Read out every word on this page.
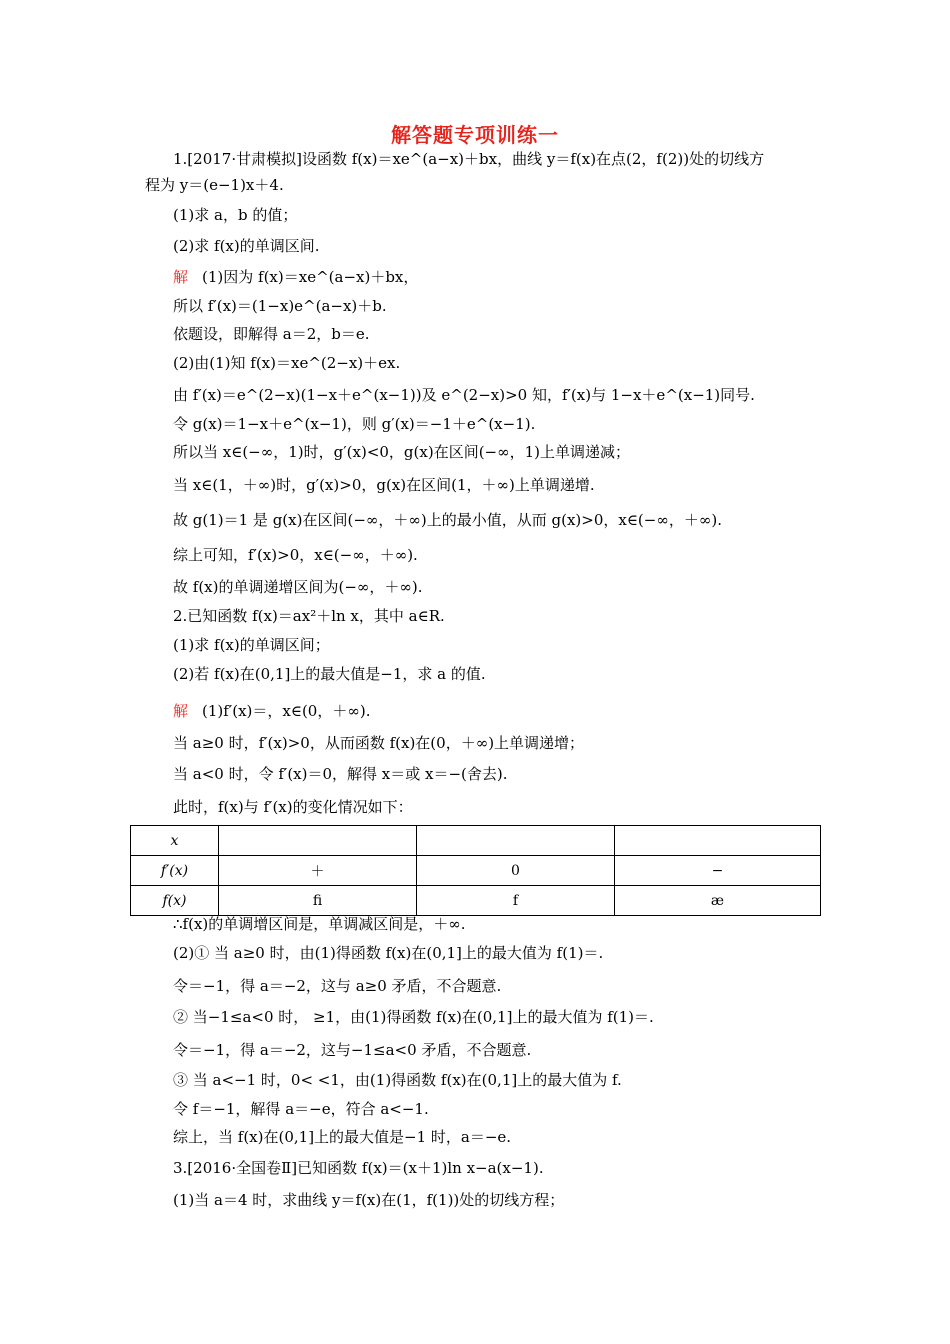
解答题专项训练一
1.[2017·甘肃模拟]设函数 f(x)＝xe^(a−x)＋bx，曲线 y＝f(x)在点(2，f(2))处的切线方
程为 y＝(e−1)x＋4.
(1)求 a，b 的值；
(2)求 f(x)的单调区间.
解 (1)因为 f(x)＝xe^(a−x)＋bx，
所以 f′(x)＝(1−x)e^(a−x)＋b.
依题设，即解得 a＝2，b＝e.
(2)由(1)知 f(x)＝xe^(2−x)＋ex.
由 f′(x)＝e^(2−x)(1−x＋e^(x−1))及 e^(2−x)>0 知，f′(x)与 1−x＋e^(x−1)同号.
令 g(x)＝1−x＋e^(x−1)，则 g′(x)＝−1＋e^(x−1).
所以当 x∈(−∞，1)时，g′(x)<0，g(x)在区间(−∞，1)上单调递减；
当 x∈(1，＋∞)时，g′(x)>0，g(x)在区间(1，＋∞)上单调递增.
故 g(1)＝1 是 g(x)在区间(−∞，＋∞)上的最小值，从而 g(x)>0，x∈(−∞，＋∞).
综上可知，f′(x)>0，x∈(−∞，＋∞).
故 f(x)的单调递增区间为(−∞，＋∞).
2.已知函数 f(x)＝ax²＋ln x，其中 a∈R.
(1)求 f(x)的单调区间；
(2)若 f(x)在(0,1]上的最大值是−1，求 a 的值.
解 (1)f′(x)＝，x∈(0，＋∞).
当 a≥0 时，f′(x)>0，从而函数 f(x)在(0，＋∞)上单调递增；
当 a<0 时，令 f′(x)＝0，解得 x＝或 x＝−(舍去).
此时，f(x)与 f′(x)的变化情况如下：
x			
f′(x)	＋	0	−
f(x)	ﬁ	f	æ
∴f(x)的单调增区间是，单调减区间是，＋∞.
(2)① 当 a≥0 时，由(1)得函数 f(x)在(0,1]上的最大值为 f(1)＝.
令＝−1，得 a＝−2，这与 a≥0 矛盾，不合题意.
② 当−1≤a<0 时， ≥1，由(1)得函数 f(x)在(0,1]上的最大值为 f(1)＝.
令＝−1，得 a＝−2，这与−1≤a<0 矛盾，不合题意.
③ 当 a<−1 时，0< <1，由(1)得函数 f(x)在(0,1]上的最大值为 f.
令 f＝−1，解得 a＝−e，符合 a<−1.
综上，当 f(x)在(0,1]上的最大值是−1 时，a＝−e.
3.[2016·全国卷Ⅱ]已知函数 f(x)＝(x＋1)ln x−a(x−1).
(1)当 a＝4 时，求曲线 y＝f(x)在(1，f(1))处的切线方程；
